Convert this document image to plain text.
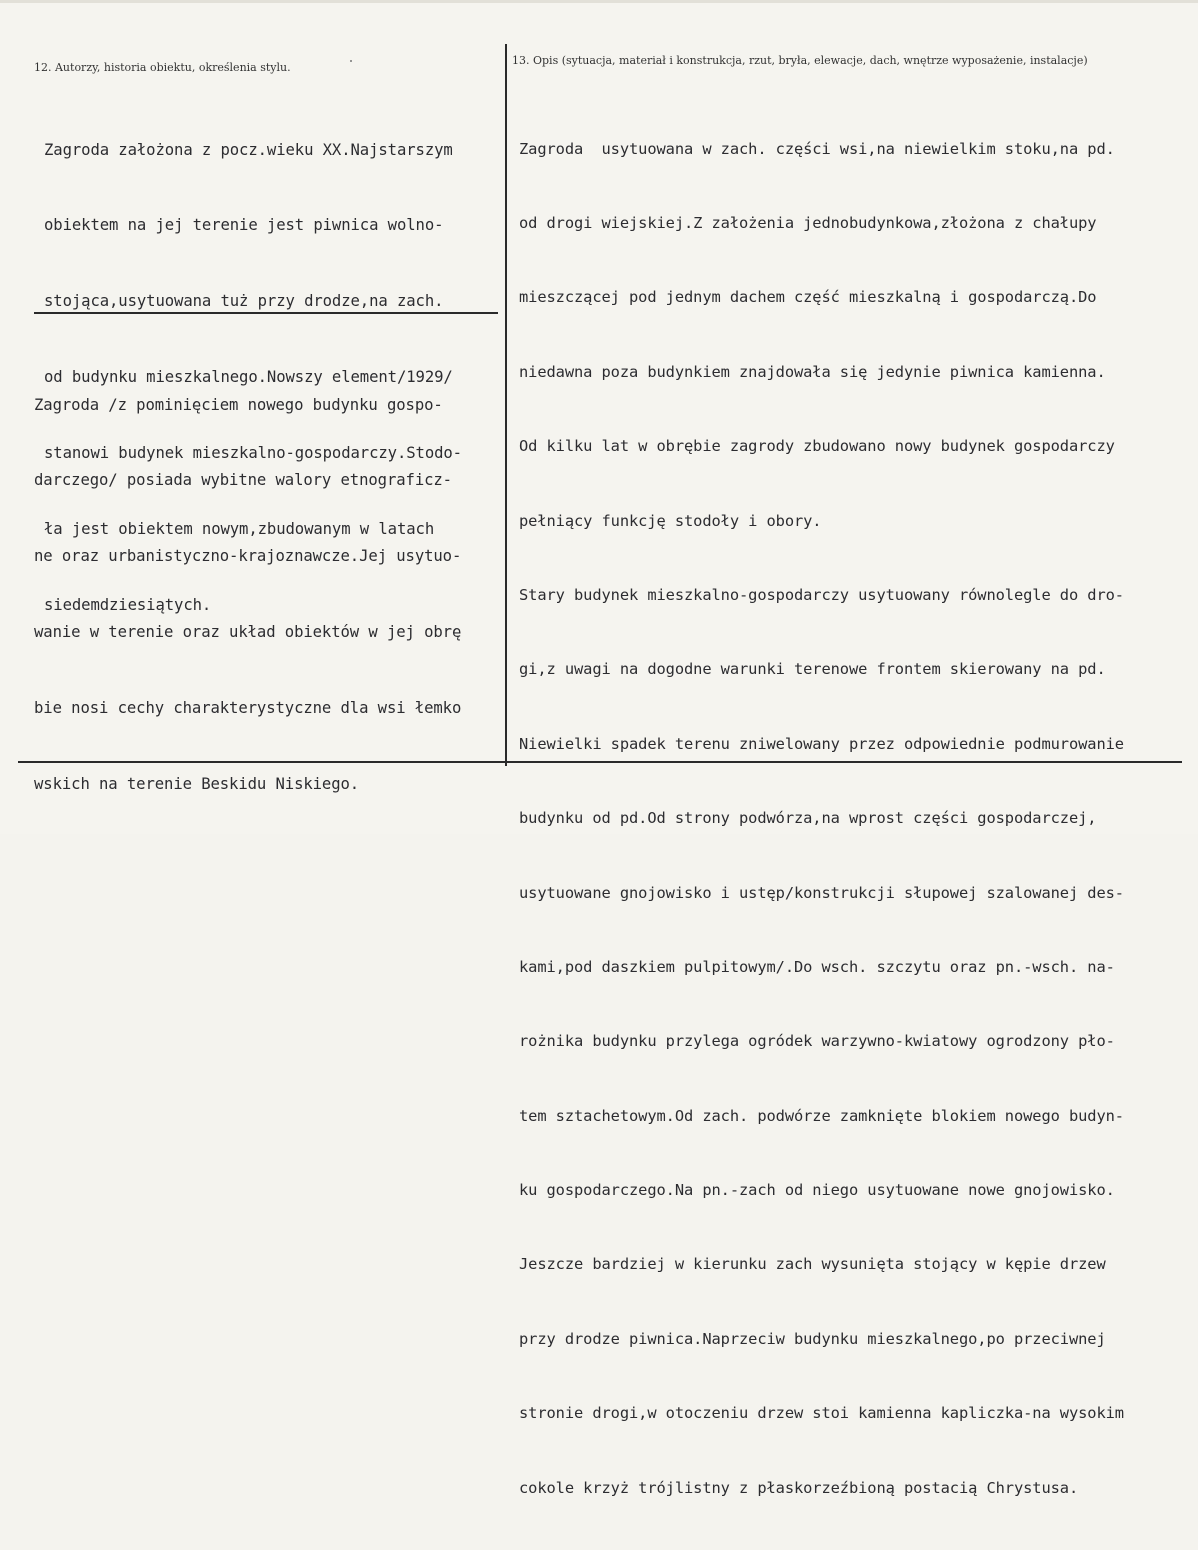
12. Autorzy, historia obiektu, określenia stylu.
13. Opis (sytuacja, materiał i konstrukcja, rzut, bryła, elewacje, dach, wnętrze wyposażenie, instalacje)

Zagroda założona z pocz.wieku XX.Najstarszym

obiektem na jej terenie jest piwnica wolno-

stojąca,usytuowana tuż przy drodze,na zach.

od budynku mieszkalnego.Nowszy element/1929/

stanowi budynek mieszkalno-gospodarczy.Stodo-

ła jest obiektem nowym,zbudowanym w latach

siedemdziesiątych.

Zagroda /z pominięciem nowego budynku gospo-

darczego/ posiada wybitne walory etnograficz-

ne oraz urbanistyczno-krajoznawcze.Jej usytuo-

wanie w terenie oraz układ obiektów w jej obrę

bie nosi cechy charakterystyczne dla wsi łemko

wskich na terenie Beskidu Niskiego.

Zagroda  usytuowana w zach. części wsi,na niewielkim stoku,na pd.

od drogi wiejskiej.Z założenia jednobudynkowa,złożona z chałupy

mieszczącej pod jednym dachem część mieszkalną i gospodarczą.Do

niedawna poza budynkiem znajdowała się jedynie piwnica kamienna.

Od kilku lat w obrębie zagrody zbudowano nowy budynek gospodarczy

pełniący funkcję stodoły i obory.

Stary budynek mieszkalno-gospodarczy usytuowany równolegle do dro-

gi,z uwagi na dogodne warunki terenowe frontem skierowany na pd.

Niewielki spadek terenu zniwelowany przez odpowiednie podmurowanie

budynku od pd.Od strony podwórza,na wprost części gospodarczej,

usytuowane gnojowisko i ustęp/konstrukcji słupowej szalowanej des-

kami,pod daszkiem pulpitowym/.Do wsch. szczytu oraz pn.-wsch. na-

rożnika budynku przylega ogródek warzywno-kwiatowy ogrodzony pło-

tem sztachetowym.Od zach. podwórze zamknięte blokiem nowego budyn-

ku gospodarczego.Na pn.-zach od niego usytuowane nowe gnojowisko.

Jeszcze bardziej w kierunku zach wysunięta stojący w kępie drzew

przy drodze piwnica.Naprzeciw budynku mieszkalnego,po przeciwnej

stronie drogi,w otoczeniu drzew stoi kamienna kapliczka-na wysokim

cokole krzyż trójlistny z płaskorzeźbioną postacią Chrystusa.
